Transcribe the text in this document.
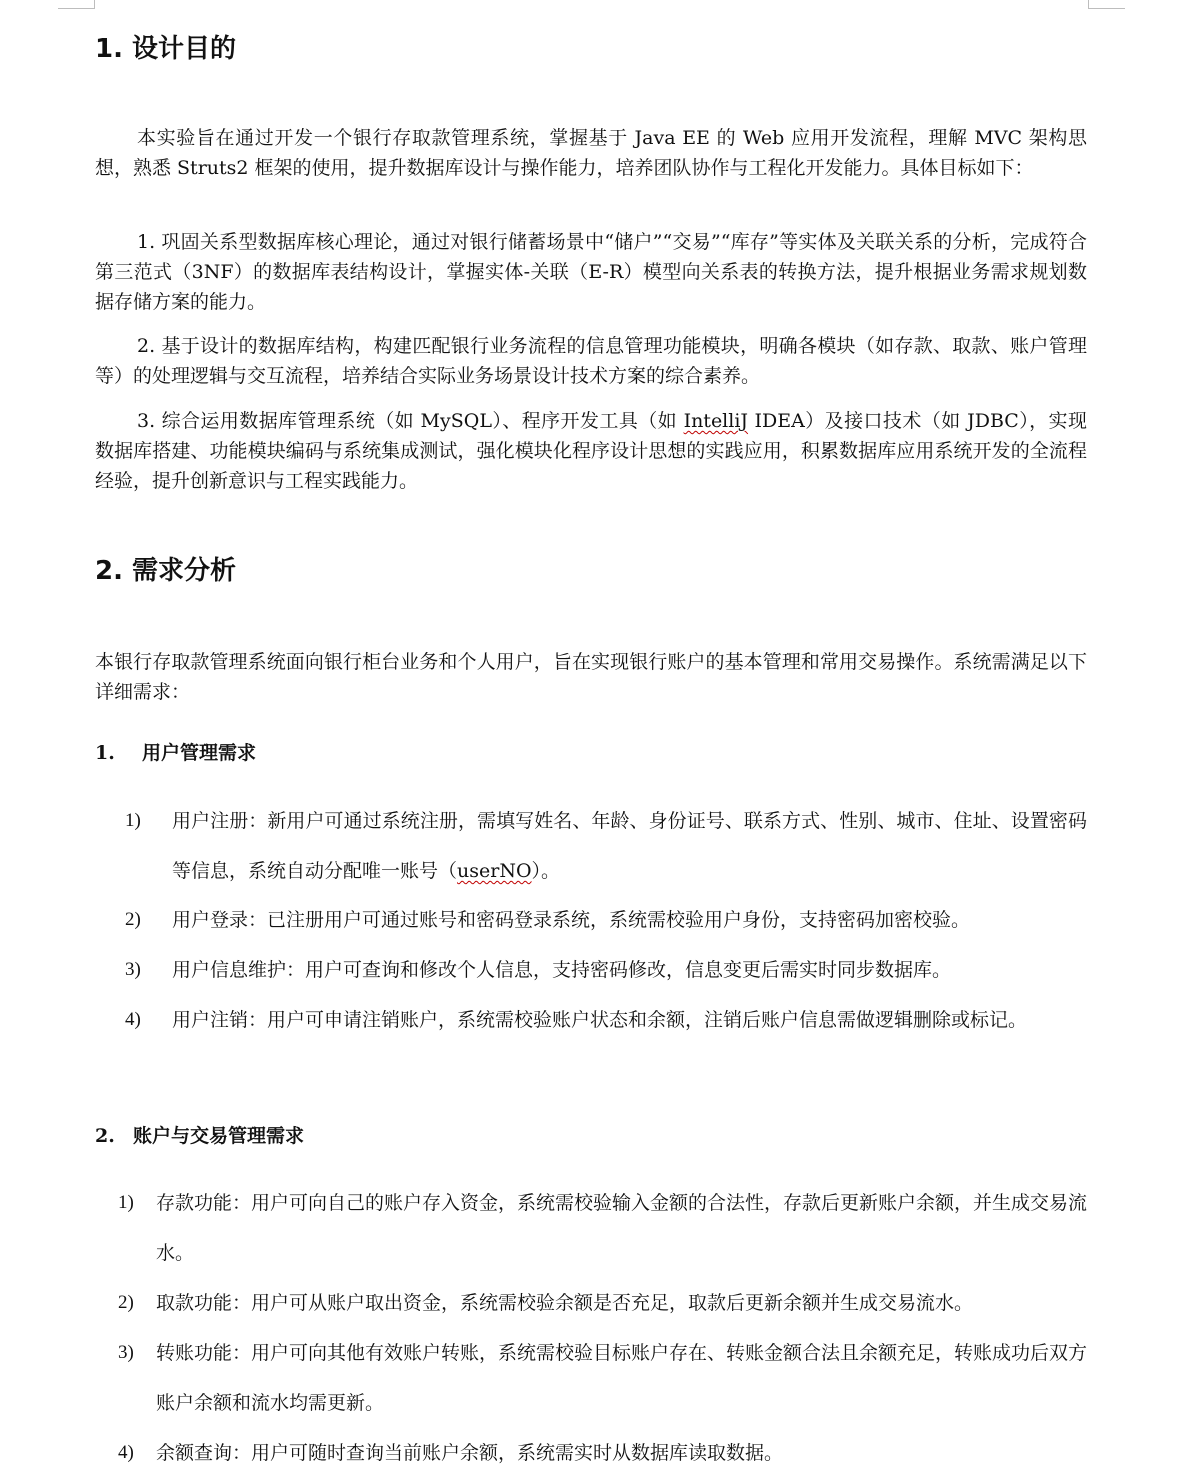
1. 设计目的

本实验旨在通过开发一个银行存取款管理系统，掌握基于 Java EE 的 Web 应用开发流程，理解 MVC 架构思想，熟悉 Struts2 框架的使用，提升数据库设计与操作能力，培养团队协作与工程化开发能力。具体目标如下：

1. 巩固关系型数据库核心理论，通过对银行储蓄场景中“储户”“交易”“库存”等实体及关联关系的分析，完成符合第三范式（3NF）的数据库表结构设计，掌握实体-关联（E-R）模型向关系表的转换方法，提升根据业务需求规划数据存储方案的能力。

2. 基于设计的数据库结构，构建匹配银行业务流程的信息管理功能模块，明确各模块（如存款、取款、账户管理等）的处理逻辑与交互流程，培养结合实际业务场景设计技术方案的综合素养。

3. 综合运用数据库管理系统（如 MySQL）、程序开发工具（如 IntelliJ IDEA）及接口技术（如 JDBC），实现数据库搭建、功能模块编码与系统集成测试，强化模块化程序设计思想的实践应用，积累数据库应用系统开发的全流程经验，提升创新意识与工程实践能力。

2. 需求分析

本银行存取款管理系统面向银行柜台业务和个人用户，旨在实现银行账户的基本管理和常用交易操作。系统需满足以下详细需求：

1. 用户管理需求
1)	用户注册：新用户可通过系统注册，需填写姓名、年龄、身份证号、联系方式、性别、城市、住址、设置密码等信息，系统自动分配唯一账号（userNO）。
2)	用户登录：已注册用户可通过账号和密码登录系统，系统需校验用户身份，支持密码加密校验。
3)	用户信息维护：用户可查询和修改个人信息，支持密码修改，信息变更后需实时同步数据库。
4)	用户注销：用户可申请注销账户，系统需校验账户状态和余额，注销后账户信息需做逻辑删除或标记。
2. 账户与交易管理需求
1)	存款功能：用户可向自己的账户存入资金，系统需校验输入金额的合法性，存款后更新账户余额，并生成交易流水。
2)	取款功能：用户可从账户取出资金，系统需校验余额是否充足，取款后更新余额并生成交易流水。
3)	转账功能：用户可向其他有效账户转账，系统需校验目标账户存在、转账金额合法且余额充足，转账成功后双方账户余额和流水均需更新。
4)	余额查询：用户可随时查询当前账户余额，系统需实时从数据库读取数据。
